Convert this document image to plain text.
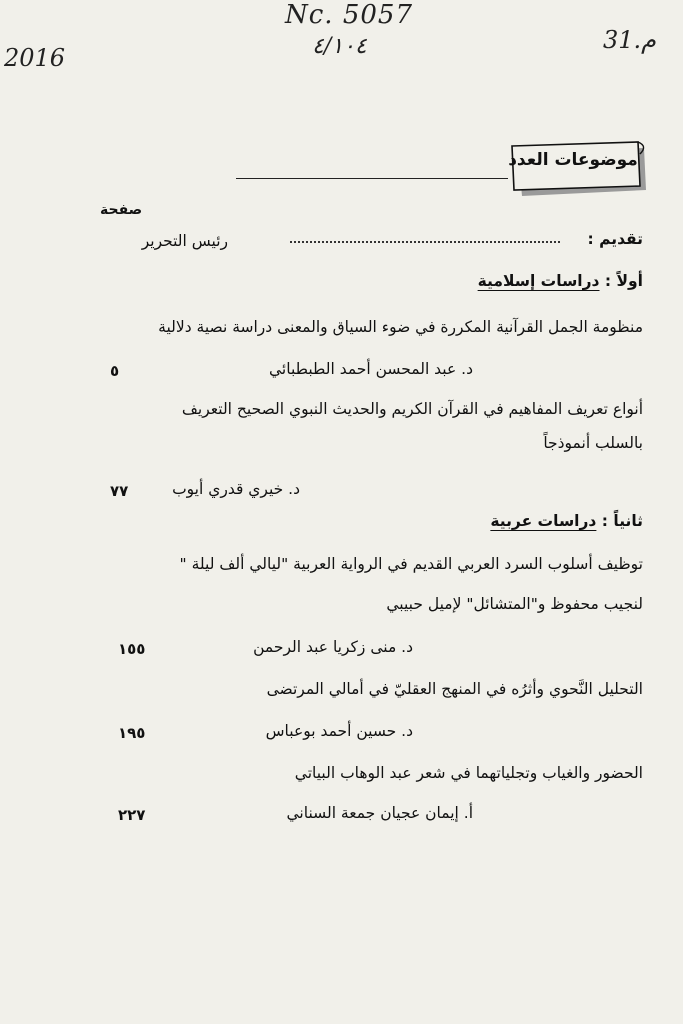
Nc. 5057
٤/١٠٤
2016
31.م
موضوعات العدد
صفحة
تقديم :
رئيس التحرير
أولاً : دراسات إسلامية
منظومة الجمل القرآنية المكررة في ضوء السياق والمعنى دراسة نصية دلالية
د. عبد المحسن أحمد الطبطبائي
٥
أنواع تعريف المفاهيم في القرآن الكريم والحديث النبوي الصحيح التعريف
بالسلب أنموذجاً
د. خيري قدري أيوب
٧٧
ثانياً : دراسات عربية
توظيف أسلوب السرد العربي القديم في الرواية العربية "ليالي ألف ليلة "
لنجيب محفوظ و"المتشائل" لإميل حبيبي
د. منى زكريا عبد الرحمن
١٥٥
التحليل النَّحوي وأثرُه في المنهج العقليّ في أمالي المرتضى
د. حسين أحمد بوعباس
١٩٥
الحضور والغياب وتجلياتهما في شعر عبد الوهاب البياتي
أ. إيمان عجيان جمعة السناني
٢٢٧
